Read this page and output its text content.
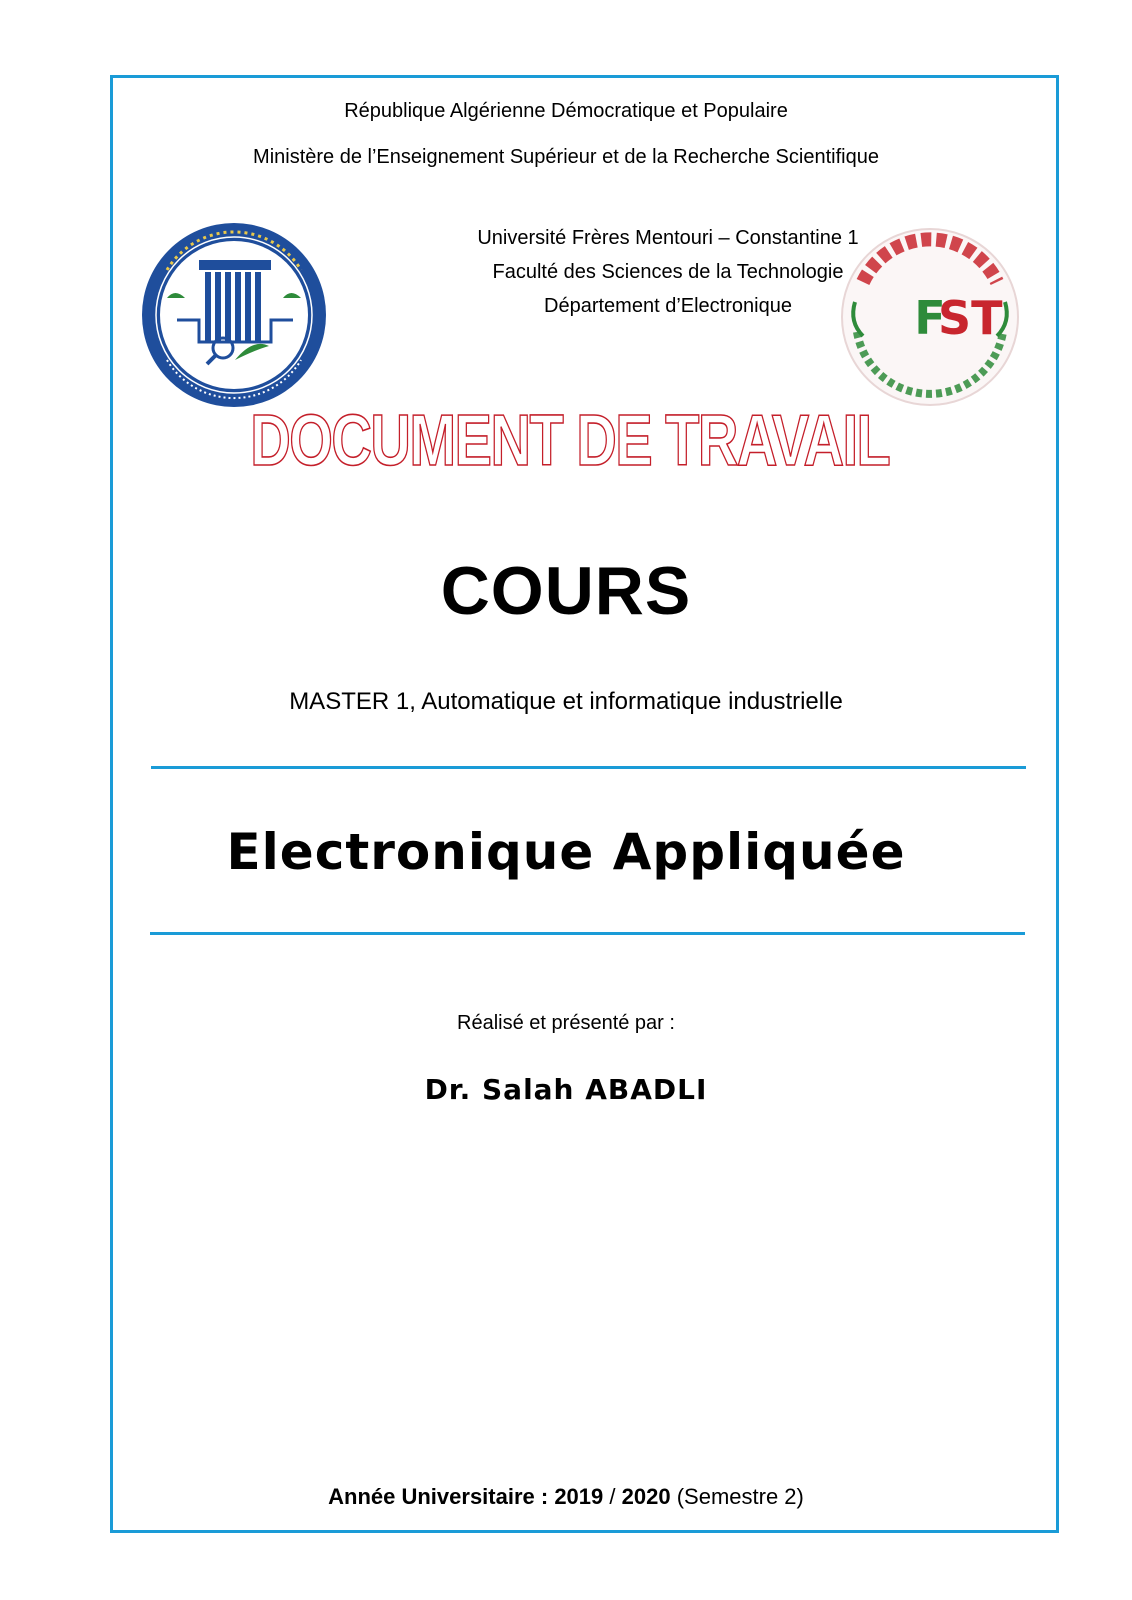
République Algérienne Démocratique et Populaire
Ministère de l’Enseignement Supérieur et de la Recherche Scientifique
Université Frères Mentouri – Constantine 1
Faculté des Sciences de la Technologie
Département d’Electronique	F
ST
DOCUMENT DE TRAVAIL
COURS
MASTER 1, Automatique et informatique industrielle
Electronique Appliquée
Réalisé et présenté par :
Dr. Salah ABADLI
Année Universitaire : 2019 / 2020 (Semestre 2)
